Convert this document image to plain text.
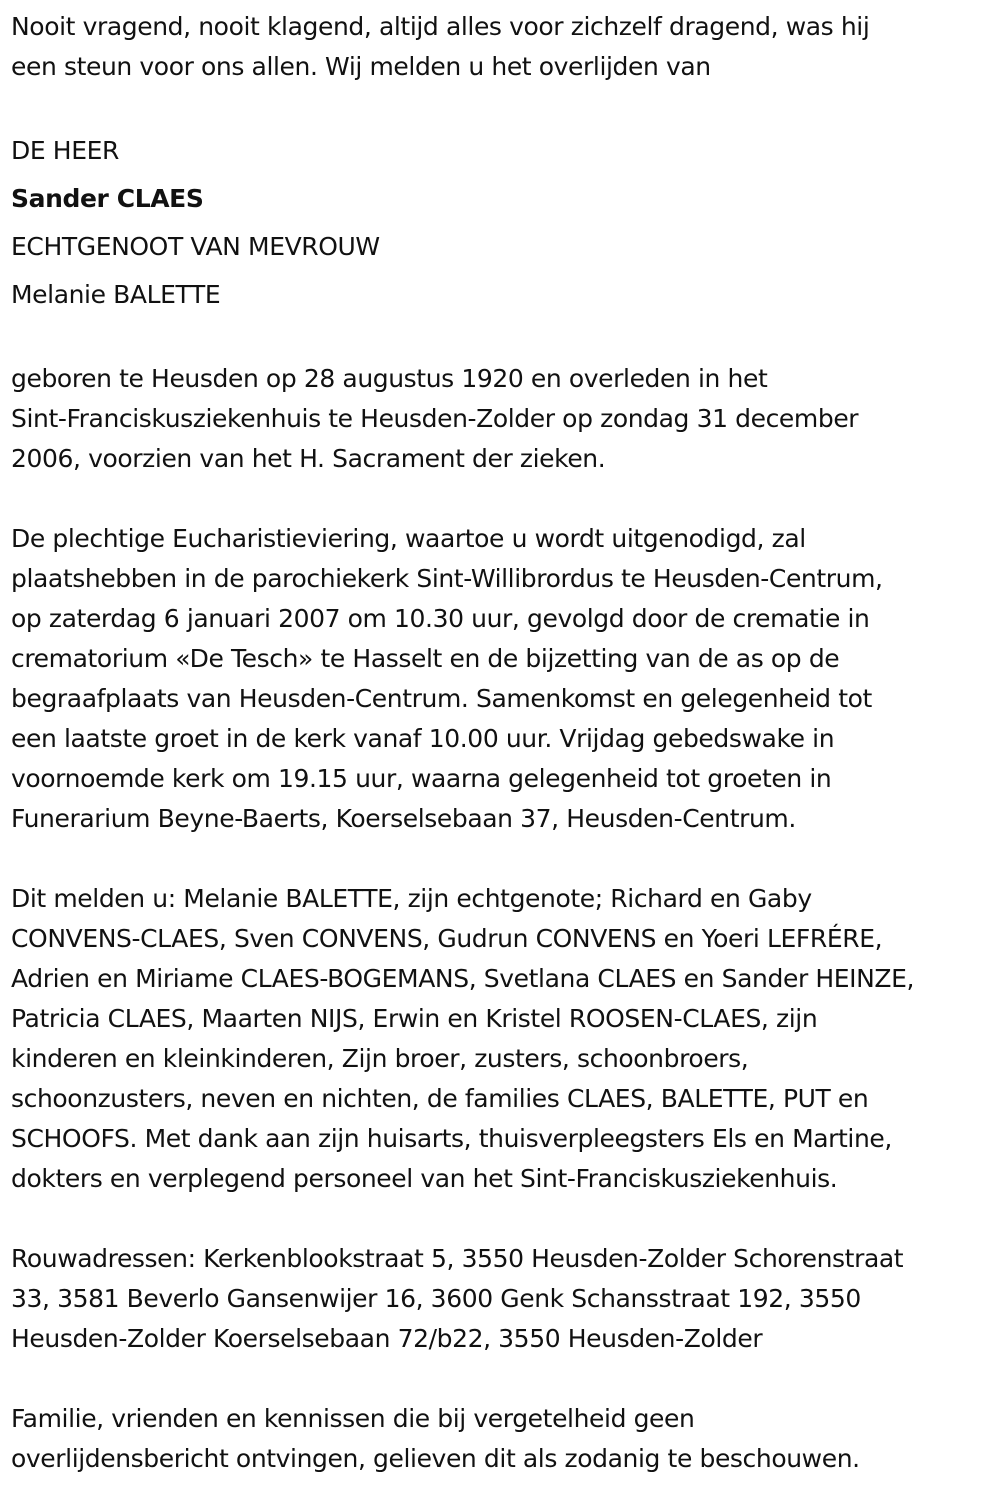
Nooit vragend, nooit klagend, altijd alles voor zichzelf dragend, was hij
een steun voor ons allen. Wij melden u het overlijden van

DE HEER

Sander CLAES

ECHTGENOOT VAN MEVROUW

Melanie BALETTE

geboren te Heusden op 28 augustus 1920 en overleden in het
Sint-Franciskusziekenhuis te Heusden-Zolder op zondag 31 december
2006, voorzien van het H. Sacrament der zieken.

De plechtige Eucharistieviering, waartoe u wordt uitgenodigd, zal
plaatshebben in de parochiekerk Sint-Willibrordus te Heusden-Centrum,
op zaterdag 6 januari 2007 om 10.30 uur, gevolgd door de crematie in
crematorium «De Tesch» te Hasselt en de bijzetting van de as op de
begraafplaats van Heusden-Centrum. Samenkomst en gelegenheid tot
een laatste groet in de kerk vanaf 10.00 uur. Vrijdag gebedswake in
voornoemde kerk om 19.15 uur, waarna gelegenheid tot groeten in
Funerarium Beyne-Baerts, Koerselsebaan 37, Heusden-Centrum.

Dit melden u: Melanie BALETTE, zijn echtgenote; Richard en Gaby
CONVENS-CLAES, Sven CONVENS, Gudrun CONVENS en Yoeri LEFRÉRE,
Adrien en Miriame CLAES-BOGEMANS, Svetlana CLAES en Sander HEINZE,
Patricia CLAES, Maarten NIJS, Erwin en Kristel ROOSEN-CLAES, zijn
kinderen en kleinkinderen, Zijn broer, zusters, schoonbroers,
schoonzusters, neven en nichten, de families CLAES, BALETTE, PUT en
SCHOOFS. Met dank aan zijn huisarts, thuisverpleegsters Els en Martine,
dokters en verplegend personeel van het Sint-Franciskusziekenhuis.

Rouwadressen: Kerkenblookstraat 5, 3550 Heusden-Zolder Schorenstraat
33, 3581 Beverlo Gansenwijer 16, 3600 Genk Schansstraat 192, 3550
Heusden-Zolder Koerselsebaan 72/b22, 3550 Heusden-Zolder

Familie, vrienden en kennissen die bij vergetelheid geen
overlijdensbericht ontvingen, gelieven dit als zodanig te beschouwen.
